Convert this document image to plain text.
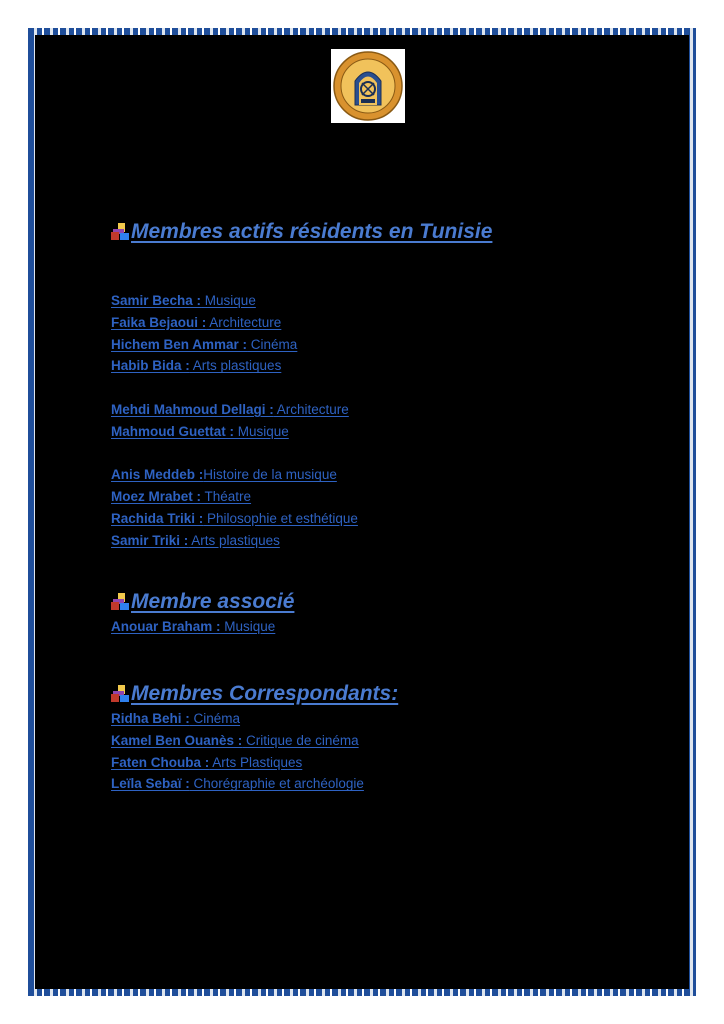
Membres actifs résidents en Tunisie
Samir Becha : Musique
Faika Bejaoui : Architecture
Hichem Ben Ammar : Cinéma
Habib Bida : Arts plastiques
Mehdi Mahmoud Dellagi : Architecture
Mahmoud Guettat : Musique
Anis Meddeb :Histoire de la musique
Moez Mrabet : Théatre
Rachida Triki : Philosophie et esthétique
Samir Triki : Arts plastiques
Membre associé
Anouar Braham : Musique
Membres Correspondants:
Ridha Behi : Cinéma
Kamel Ben Ouanès : Critique de cinéma
Faten Chouba : Arts Plastiques
Leïla Sebaï : Chorégraphie et archéologie
